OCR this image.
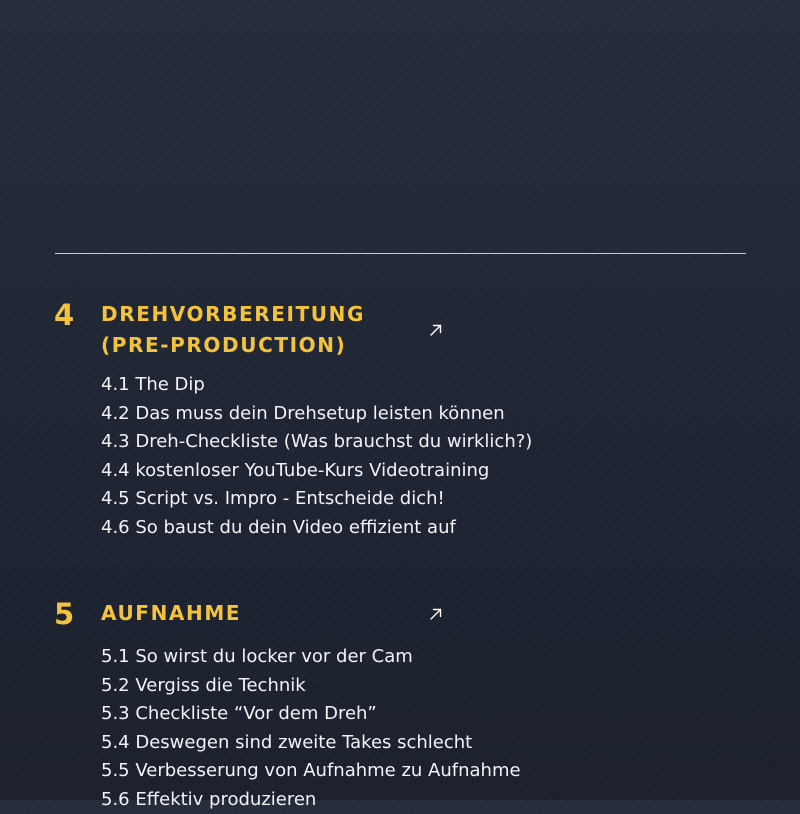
4 DREHVORBEREITUNG
(PRE-PRODUCTION)
4.1 The Dip
4.2 Das muss dein Drehsetup leisten können
4.3 Dreh-Checkliste (Was brauchst du wirklich?)
4.4 kostenloser YouTube-Kurs Videotraining
4.5 Script vs. Impro - Entscheide dich!
4.6 So baust du dein Video effizient auf
5 AUFNAHME
5.1 So wirst du locker vor der Cam
5.2 Vergiss die Technik
5.3 Checkliste “Vor dem Dreh”
5.4 Deswegen sind zweite Takes schlecht
5.5 Verbesserung von Aufnahme zu Aufnahme
5.6 Effektiv produzieren
